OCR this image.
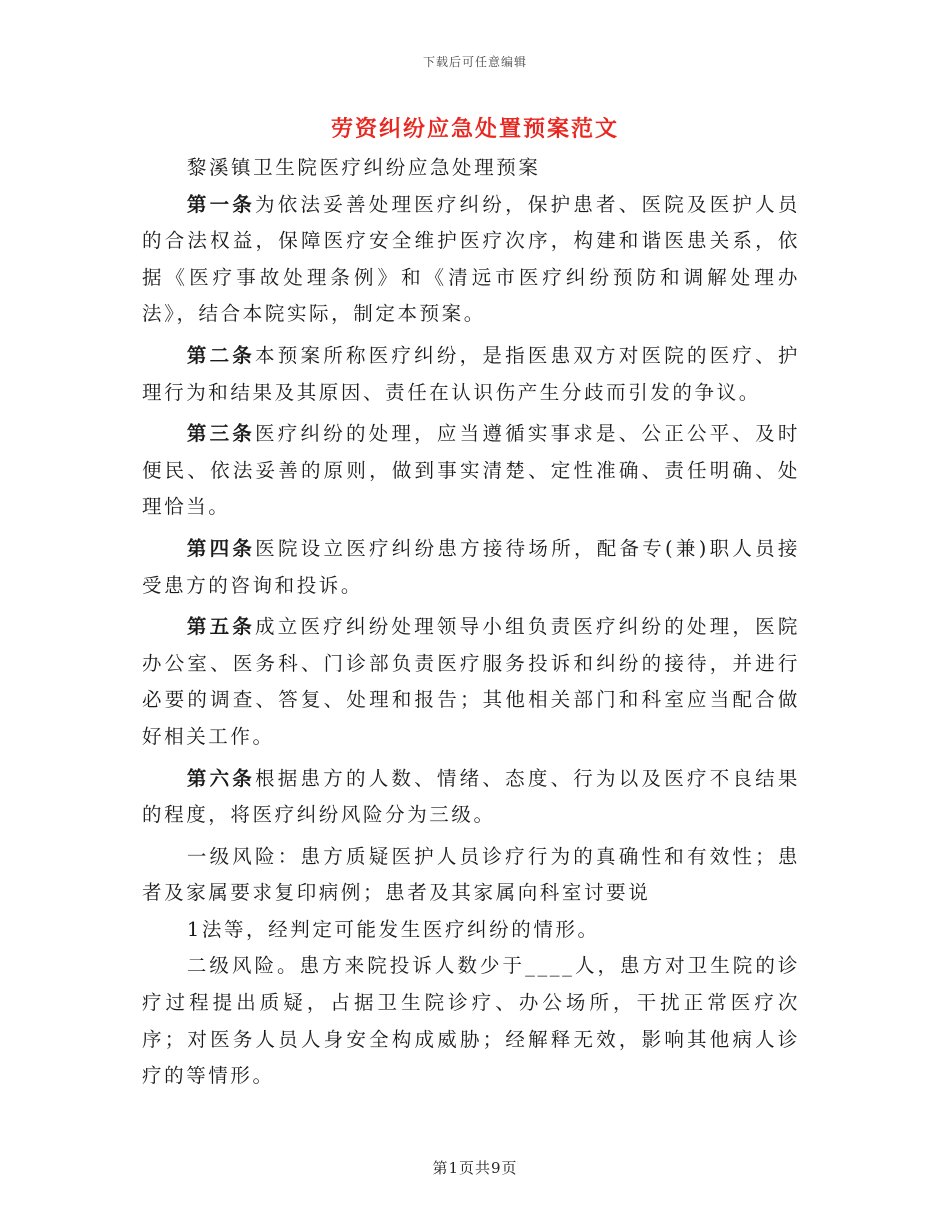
下载后可任意编辑
劳资纠纷应急处置预案范文

黎溪镇卫生院医疗纠纷应急处理预案

第一条为依法妥善处理医疗纠纷，保护患者、医院及医护人员的合法权益，保障医疗安全维护医疗次序，构建和谐医患关系，依据《医疗事故处理条例》和《清远市医疗纠纷预防和调解处理办法》，结合本院实际，制定本预案。

第二条本预案所称医疗纠纷，是指医患双方对医院的医疗、护理行为和结果及其原因、责任在认识伤产生分歧而引发的争议。

第三条医疗纠纷的处理，应当遵循实事求是、公正公平、及时便民、依法妥善的原则，做到事实清楚、定性准确、责任明确、处理恰当。

第四条医院设立医疗纠纷患方接待场所，配备专(兼)职人员接受患方的咨询和投诉。

第五条成立医疗纠纷处理领导小组负责医疗纠纷的处理，医院办公室、医务科、门诊部负责医疗服务投诉和纠纷的接待，并进行必要的调查、答复、处理和报告；其他相关部门和科室应当配合做好相关工作。

第六条根据患方的人数、情绪、态度、行为以及医疗不良结果的程度，将医疗纠纷风险分为三级。

一级风险：患方质疑医护人员诊疗行为的真确性和有效性；患者及家属要求复印病例；患者及其家属向科室讨要说

1法等，经判定可能发生医疗纠纷的情形。

二级风险。患方来院投诉人数少于____人，患方对卫生院的诊疗过程提出质疑，占据卫生院诊疗、办公场所，干扰正常医疗次序；对医务人员人身安全构成威胁；经解释无效，影响其他病人诊疗的等情形。

第1页共9页
